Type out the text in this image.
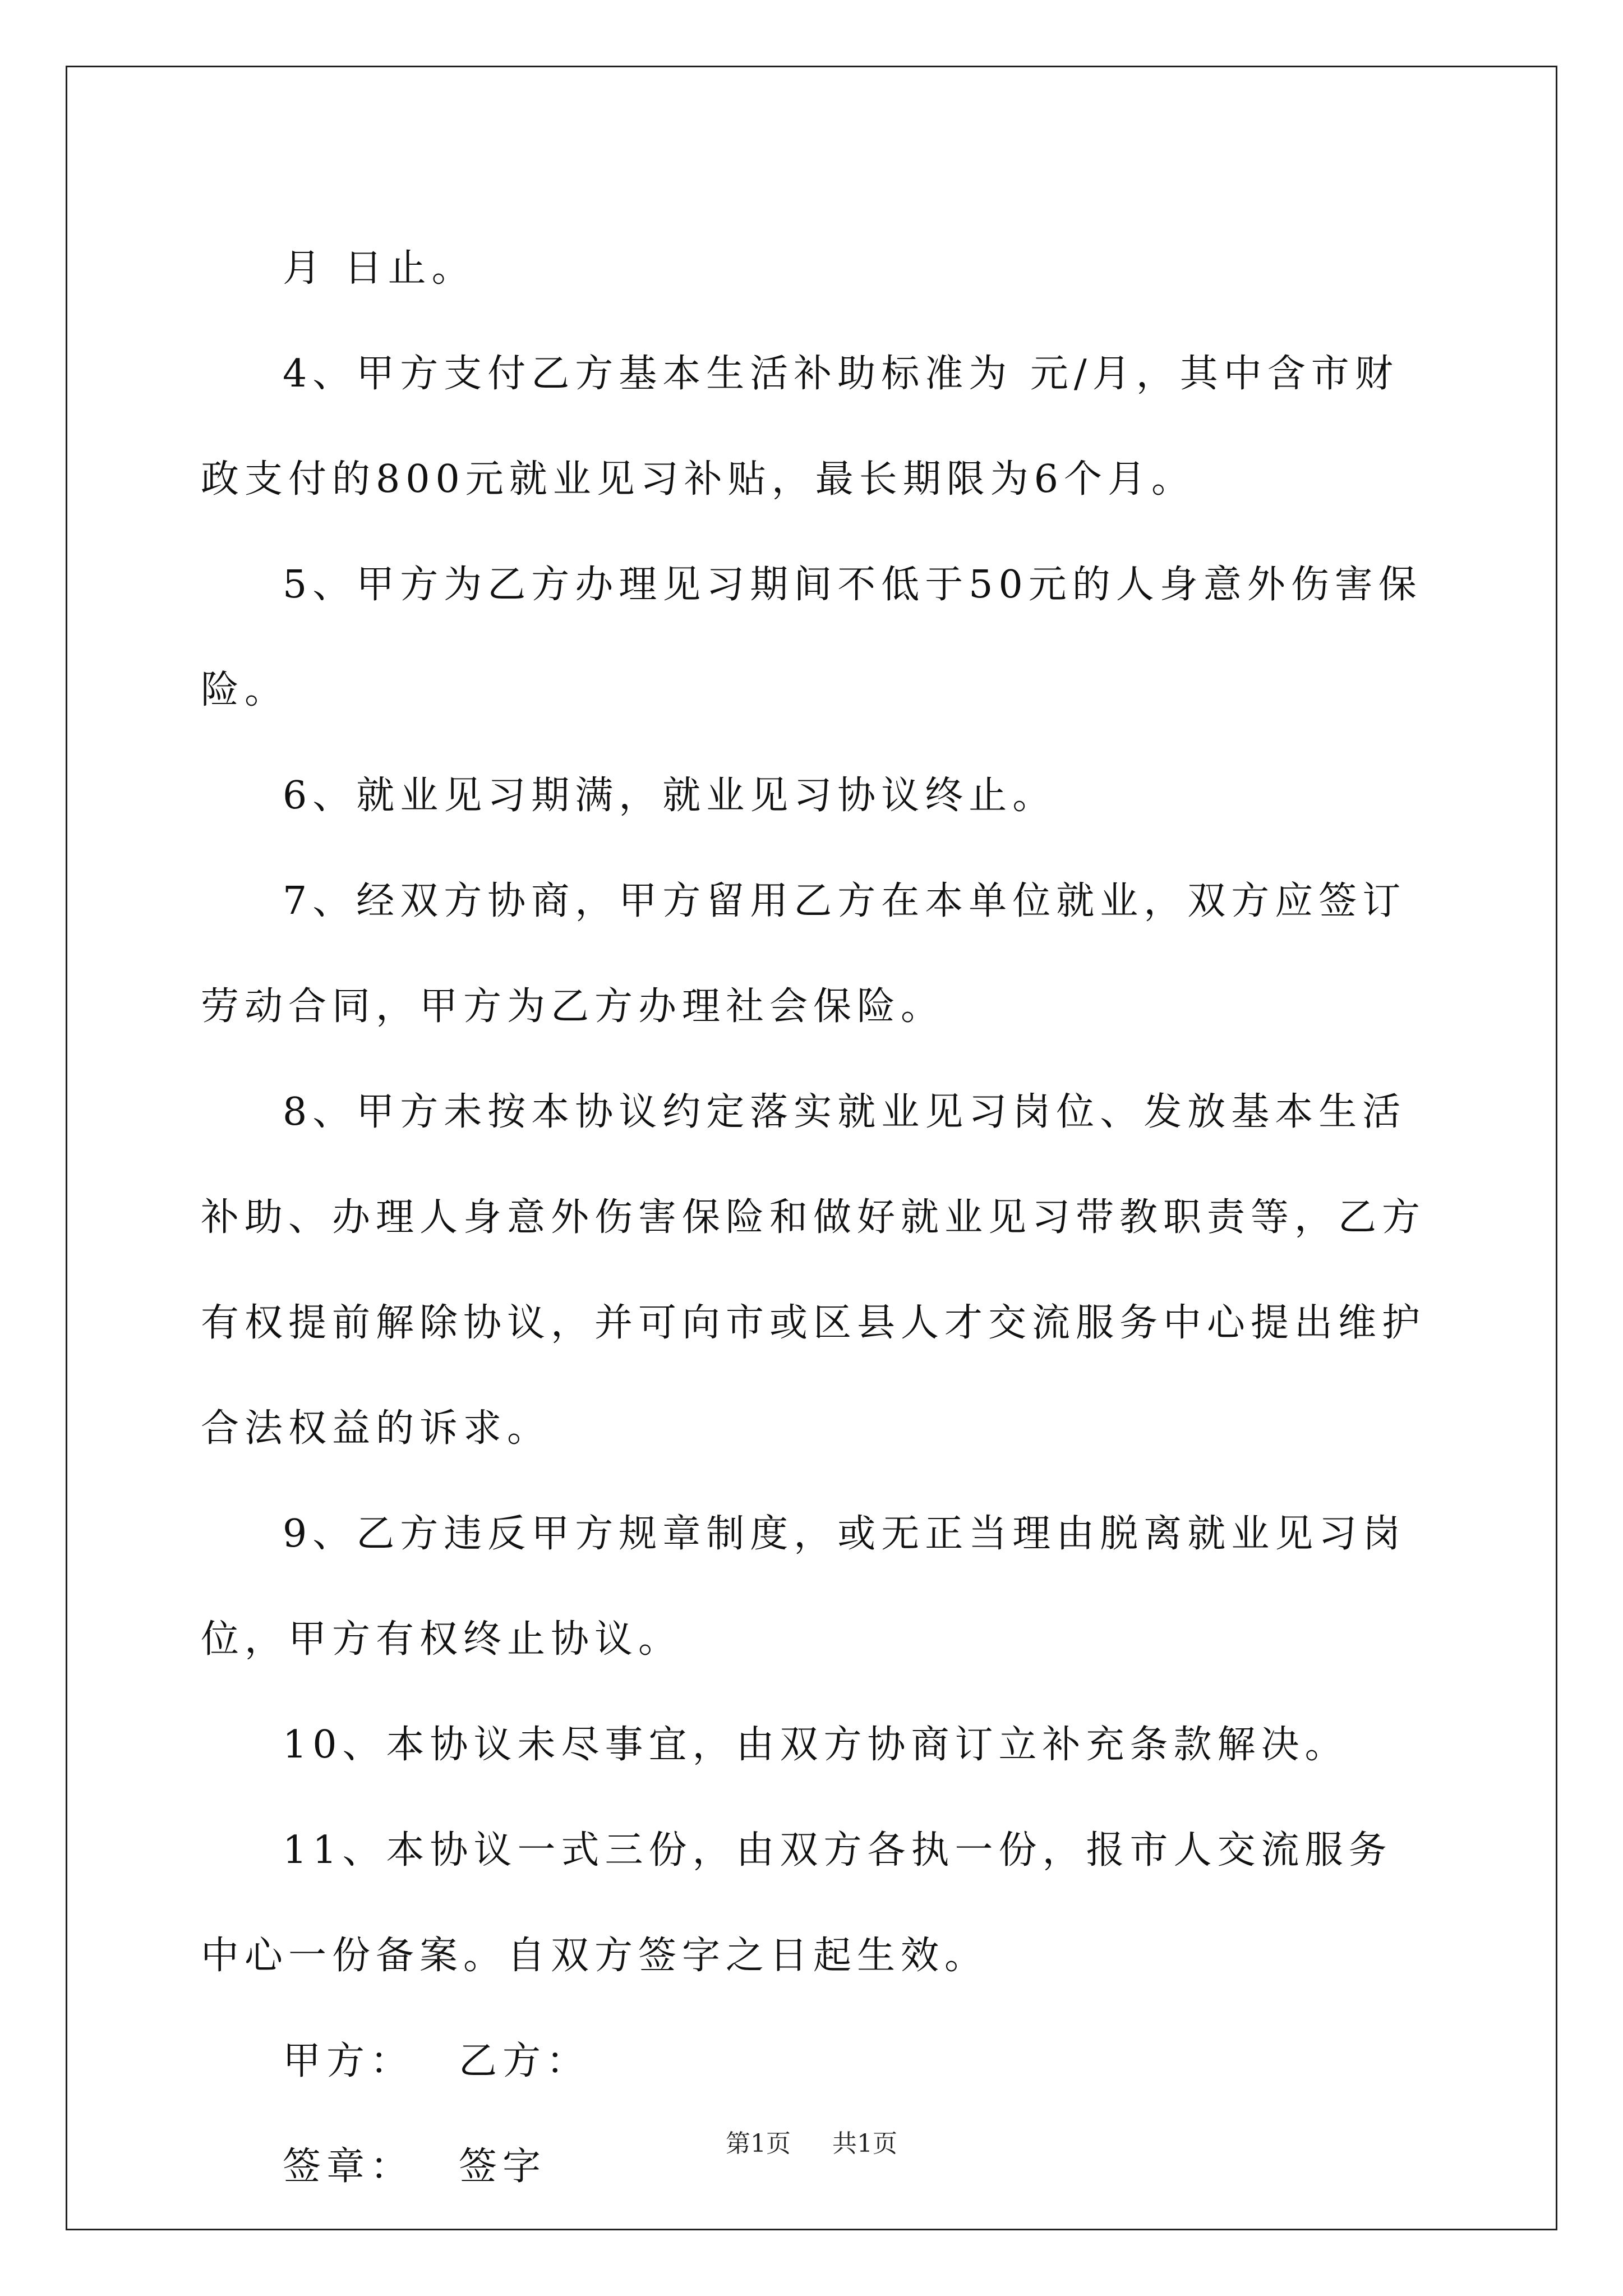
月 日止。

4、甲方支付乙方基本生活补助标准为 元/月，其中含市财政支付的800元就业见习补贴，最长期限为6个月。

5、甲方为乙方办理见习期间不低于50元的人身意外伤害保险。

6、就业见习期满，就业见习协议终止。

7、经双方协商，甲方留用乙方在本单位就业，双方应签订劳动合同，甲方为乙方办理社会保险。

8、甲方未按本协议约定落实就业见习岗位、发放基本生活补助、办理人身意外伤害保险和做好就业见习带教职责等，乙方有权提前解除协议，并可向市或区县人才交流服务中心提出维护合法权益的诉求。

9、乙方违反甲方规章制度，或无正当理由脱离就业见习岗位，甲方有权终止协议。

10、本协议未尽事宜，由双方协商订立补充条款解决。

11、本协议一式三份，由双方各执一份，报市人交流服务中心一份备案。自双方签字之日起生效。

甲方： 乙方：
签章： 签字
第1页 共1页
